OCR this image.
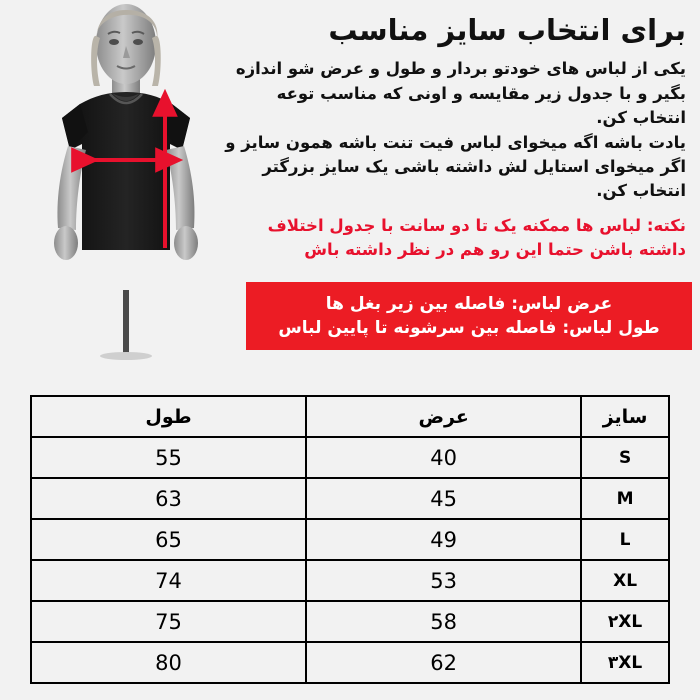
برای انتخاب سایز مناسب

یکی از لباس های خودتو بردار و طول و عرض شو اندازه بگیر و با جدول زیر مقایسه و اونی که مناسب توعه انتخاب کن.

یادت باشه اگه میخوای لباس فیت تنت باشه همون سایز و اگر میخوای استایل لش داشته باشی یک سایز بزرگتر انتخاب کن.

نکته: لباس ها ممکنه یک تا دو سانت با جدول اختلاف داشته باشن حتما این رو هم در نظر داشته باش

عرض لباس: فاصله بین زیر بغل ها
طول لباس: فاصله بین سرشونه تا پایین لباس
سایز	عرض	طول
S	40	55
M	45	63
L	49	65
XL	53	74
۲XL	58	75
۳XL	62	80
